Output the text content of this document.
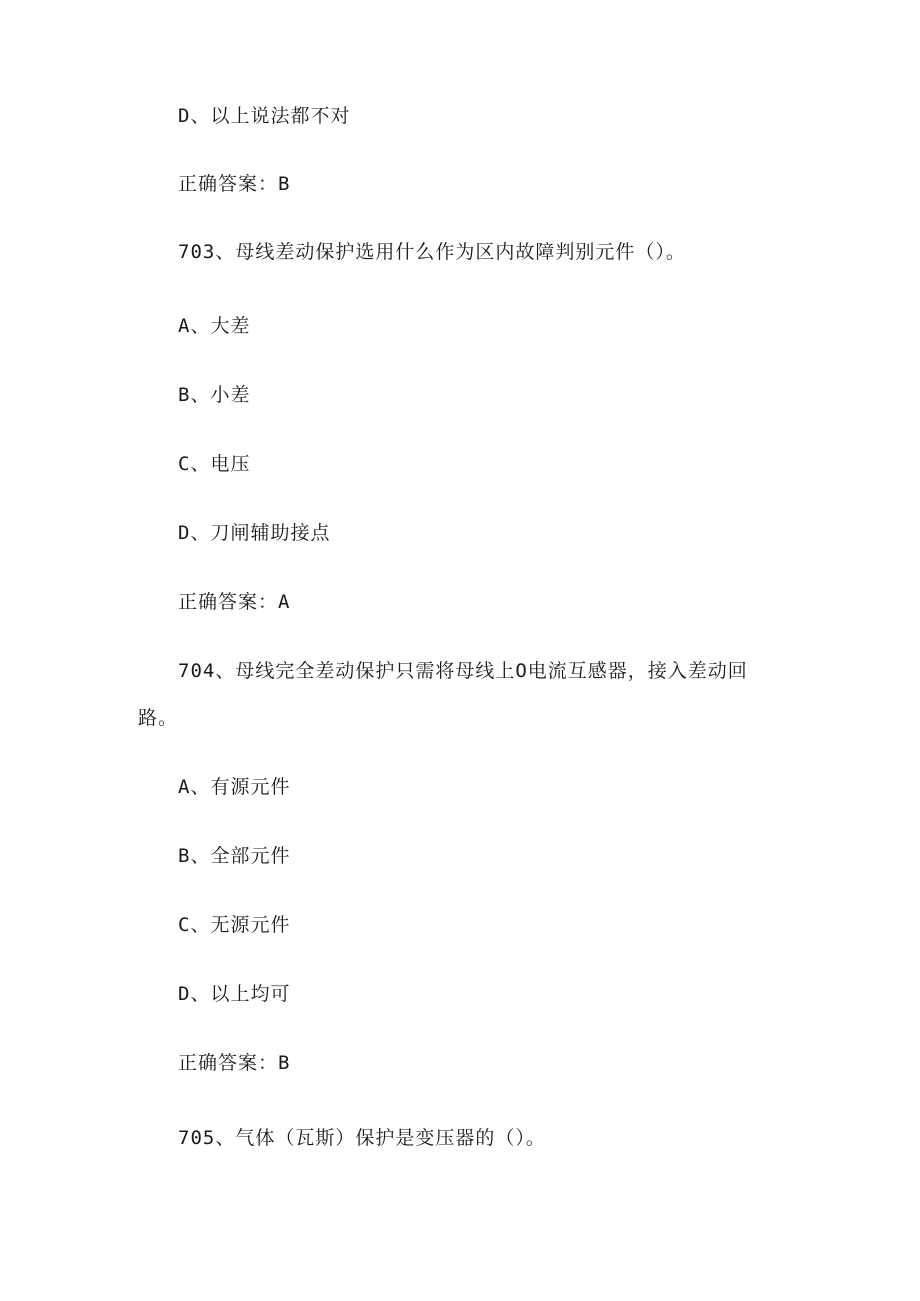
D、以上说法都不对
正确答案：B
703、母线差动保护选用什么作为区内故障判别元件（）。
A、大差
B、小差
C、电压
D、刀闸辅助接点
正确答案：A
704、母线完全差动保护只需将母线上O电流互感器，接入差动回
路。
A、有源元件
B、全部元件
C、无源元件
D、以上均可
正确答案：B
705、气体（瓦斯）保护是变压器的（）。
